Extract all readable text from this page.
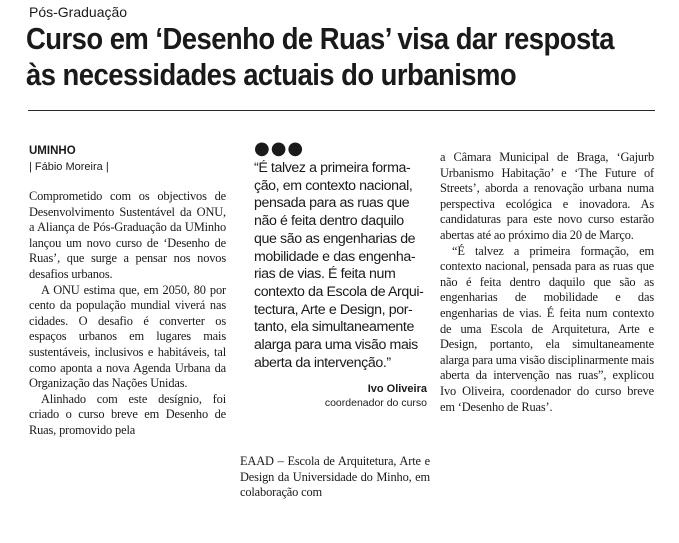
Pós-Graduação
Curso em ‘Desenho de Ruas’ visa dar resposta
às necessidades actuais do urbanismo
UMINHO
| Fábio Moreira |

Comprometido com os objectivos de Desenvolvimento Sustentável da ONU, a Aliança de Pós-Graduação da UMinho lançou um novo curso de ‘Desenho de Ruas’, que surge a pensar nos novos desafios urbanos.

A ONU estima que, em 2050, 80 por cento da população mundial viverá nas cidades. O desafio é converter os espaços urbanos em lugares mais sustentáveis, inclusivos e habitáveis, tal como aponta a nova Agenda Urbana da Organização das Nações Unidas.

Alinhado com este desígnio, foi criado o curso breve em Desenho de Ruas, promovido pela

●●●
“É talvez a primeira forma-
ção, em contexto nacional,
pensada para as ruas que
não é feita dentro daquilo
que são as engenharias de
mobilidade e das engenha-
rias de vias. É feita num
contexto da Escola de Arqui-
tectura, Arte e Design, por-
tanto, ela simultaneamente
alarga para uma visão mais
aberta da intervenção.”
Ivo Oliveira
coordenador do curso

EAAD – Escola de Arquitetura, Arte e Design da Universidade do Minho, em colaboração com

a Câmara Municipal de Braga, ‘Gajurb Urbanismo Habitação’ e ‘The Future of Streets’, aborda a renovação urbana numa perspectiva ecológica e inovadora. As candidaturas para este novo curso estarão abertas até ao próximo dia 20 de Março.

“É talvez a primeira formação, em contexto nacional, pensada para as ruas que não é feita dentro daquilo que são as engenharias de mobilidade e das engenharias de vias. É feita num contexto de uma Escola de Arquitetura, Arte e Design, portanto, ela simultaneamente alarga para uma visão disciplinarmente mais aberta da intervenção nas ruas”, explicou Ivo Oliveira, coordenador do curso breve em ‘Desenho de Ruas’.
